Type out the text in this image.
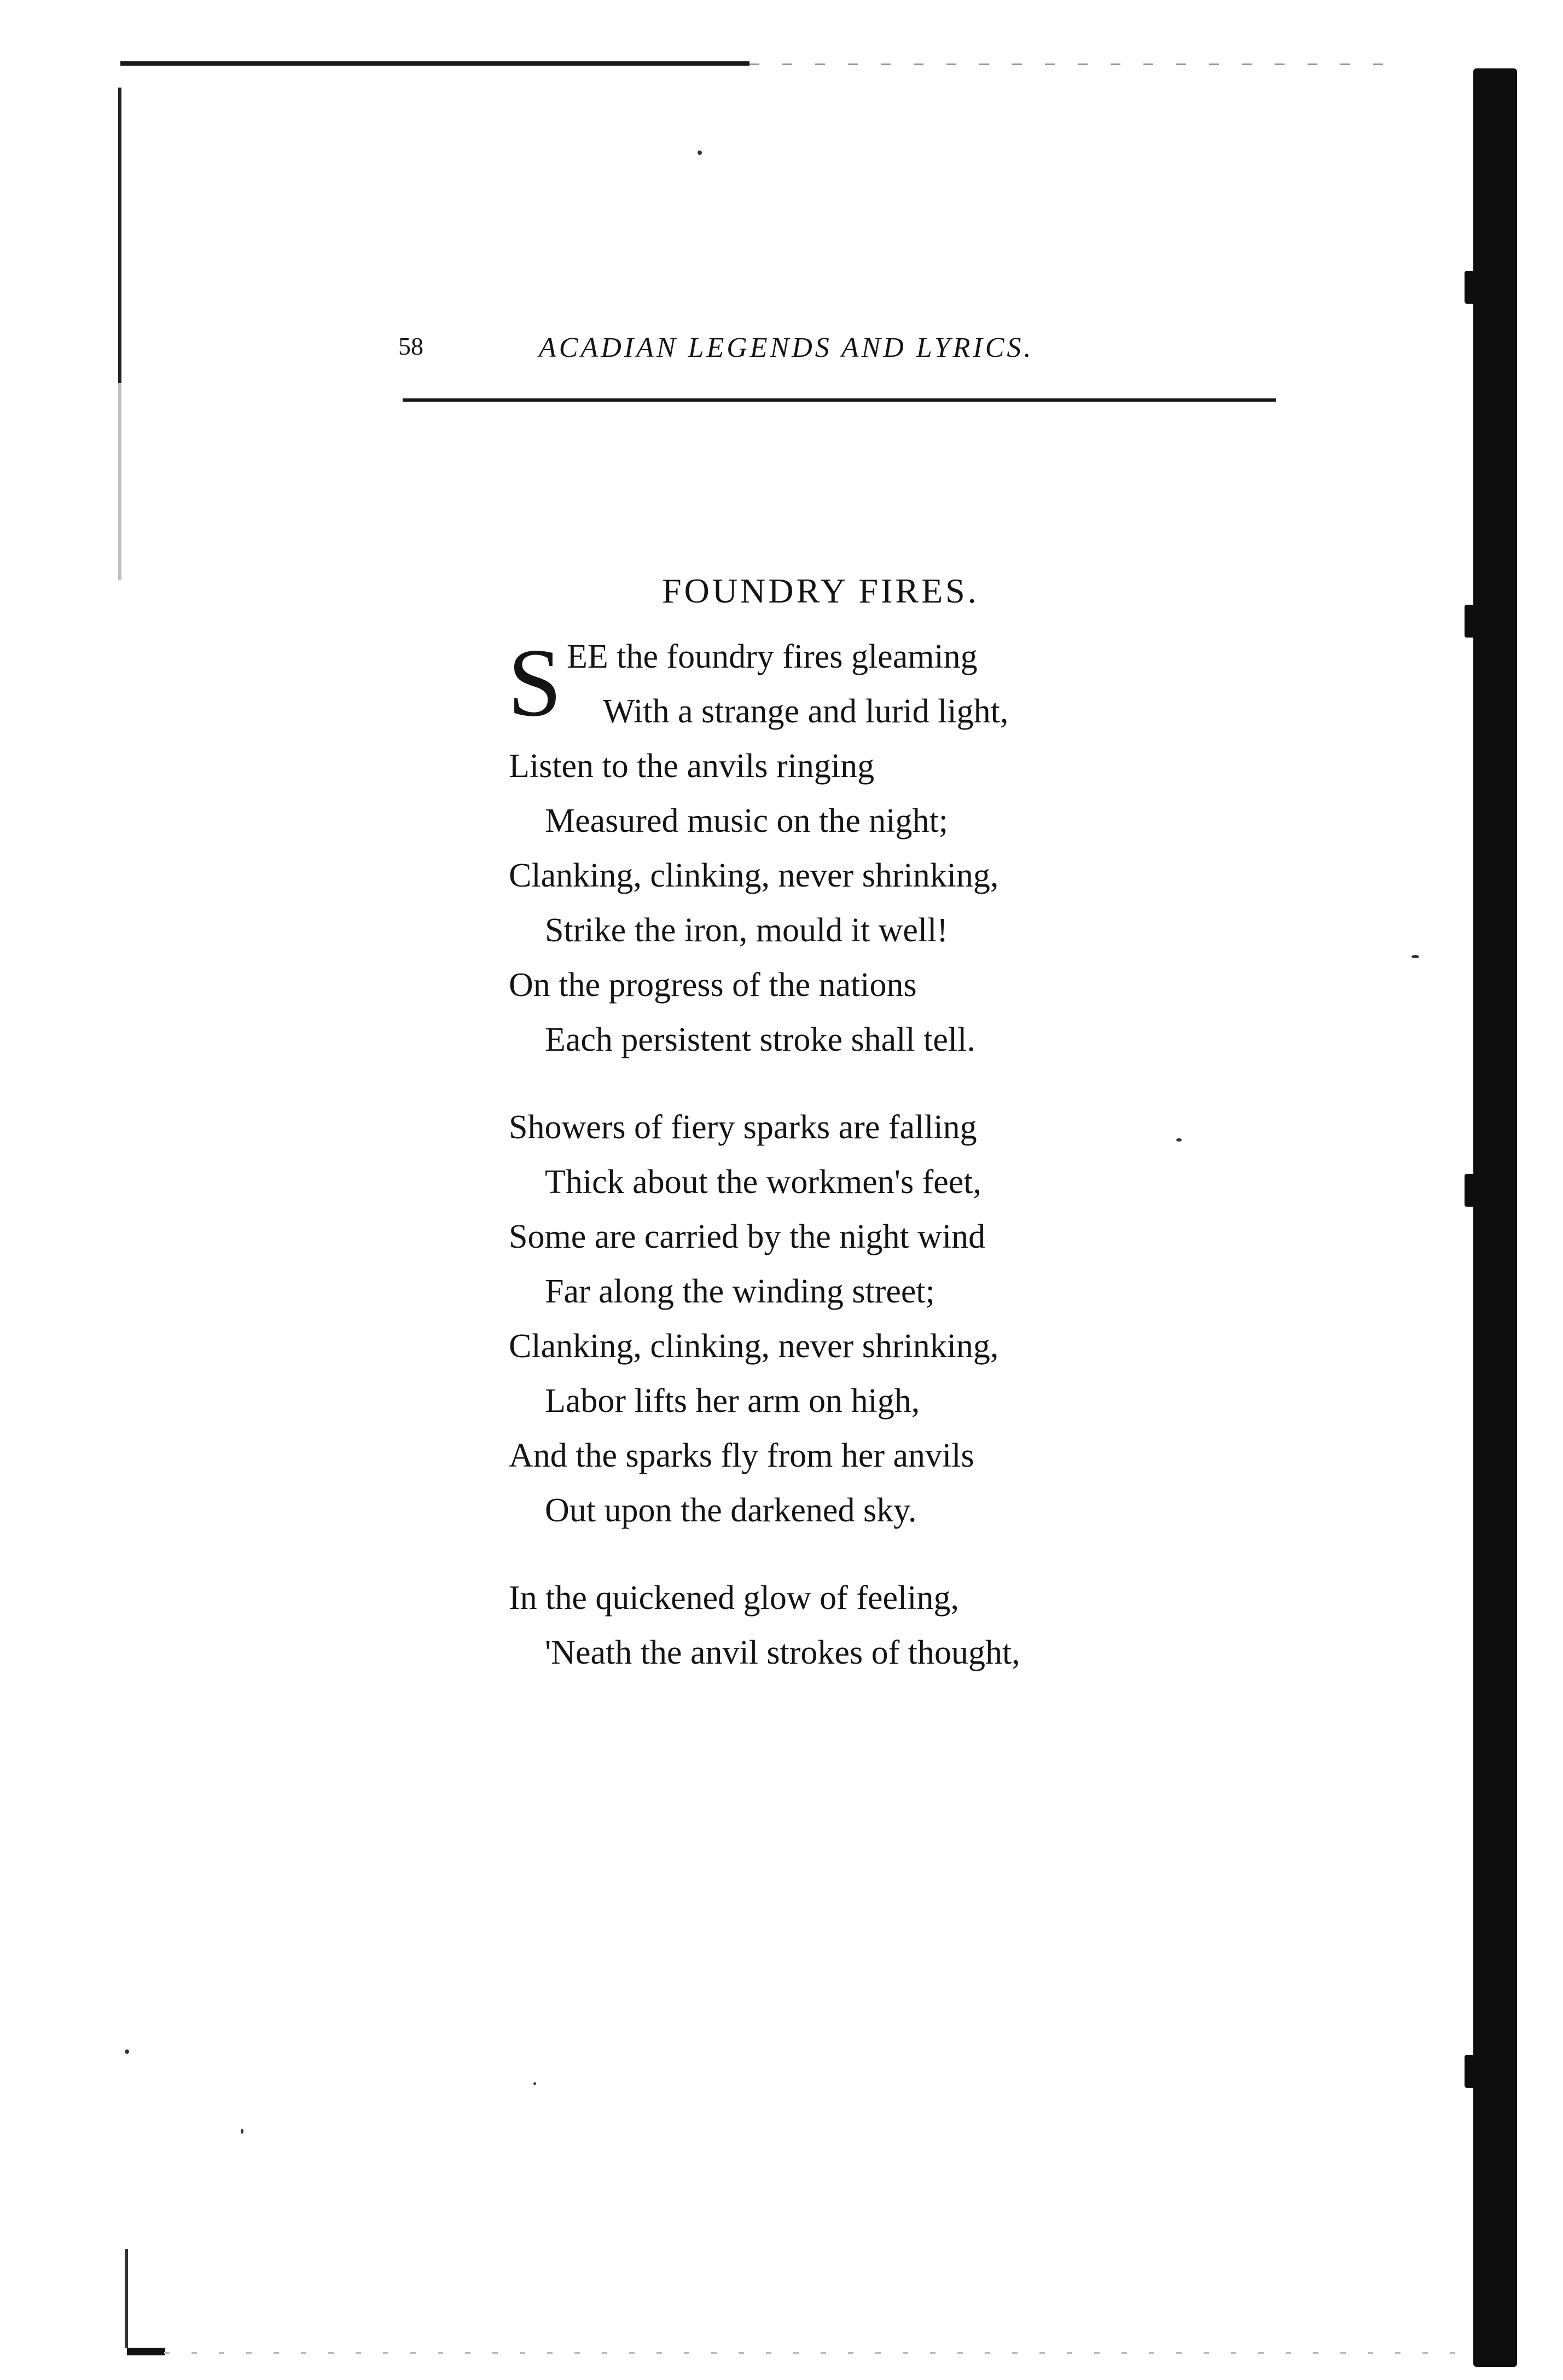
58	ACADIAN LEGENDS AND LYRICS.
FOUNDRY FIRES.
S EE the foundry fires gleaming
With a strange and lurid light,
Listen to the anvils ringing
Measured music on the night;
Clanking, clinking, never shrinking,
Strike the iron, mould it well!
On the progress of the nations
Each persistent stroke shall tell.
Showers of fiery sparks are falling
Thick about the workmen's feet,
Some are carried by the night wind
Far along the winding street;
Clanking, clinking, never shrinking,
Labor lifts her arm on high,
And the sparks fly from her anvils
Out upon the darkened sky.
In the quickened glow of feeling,
'Neath the anvil strokes of thought,
